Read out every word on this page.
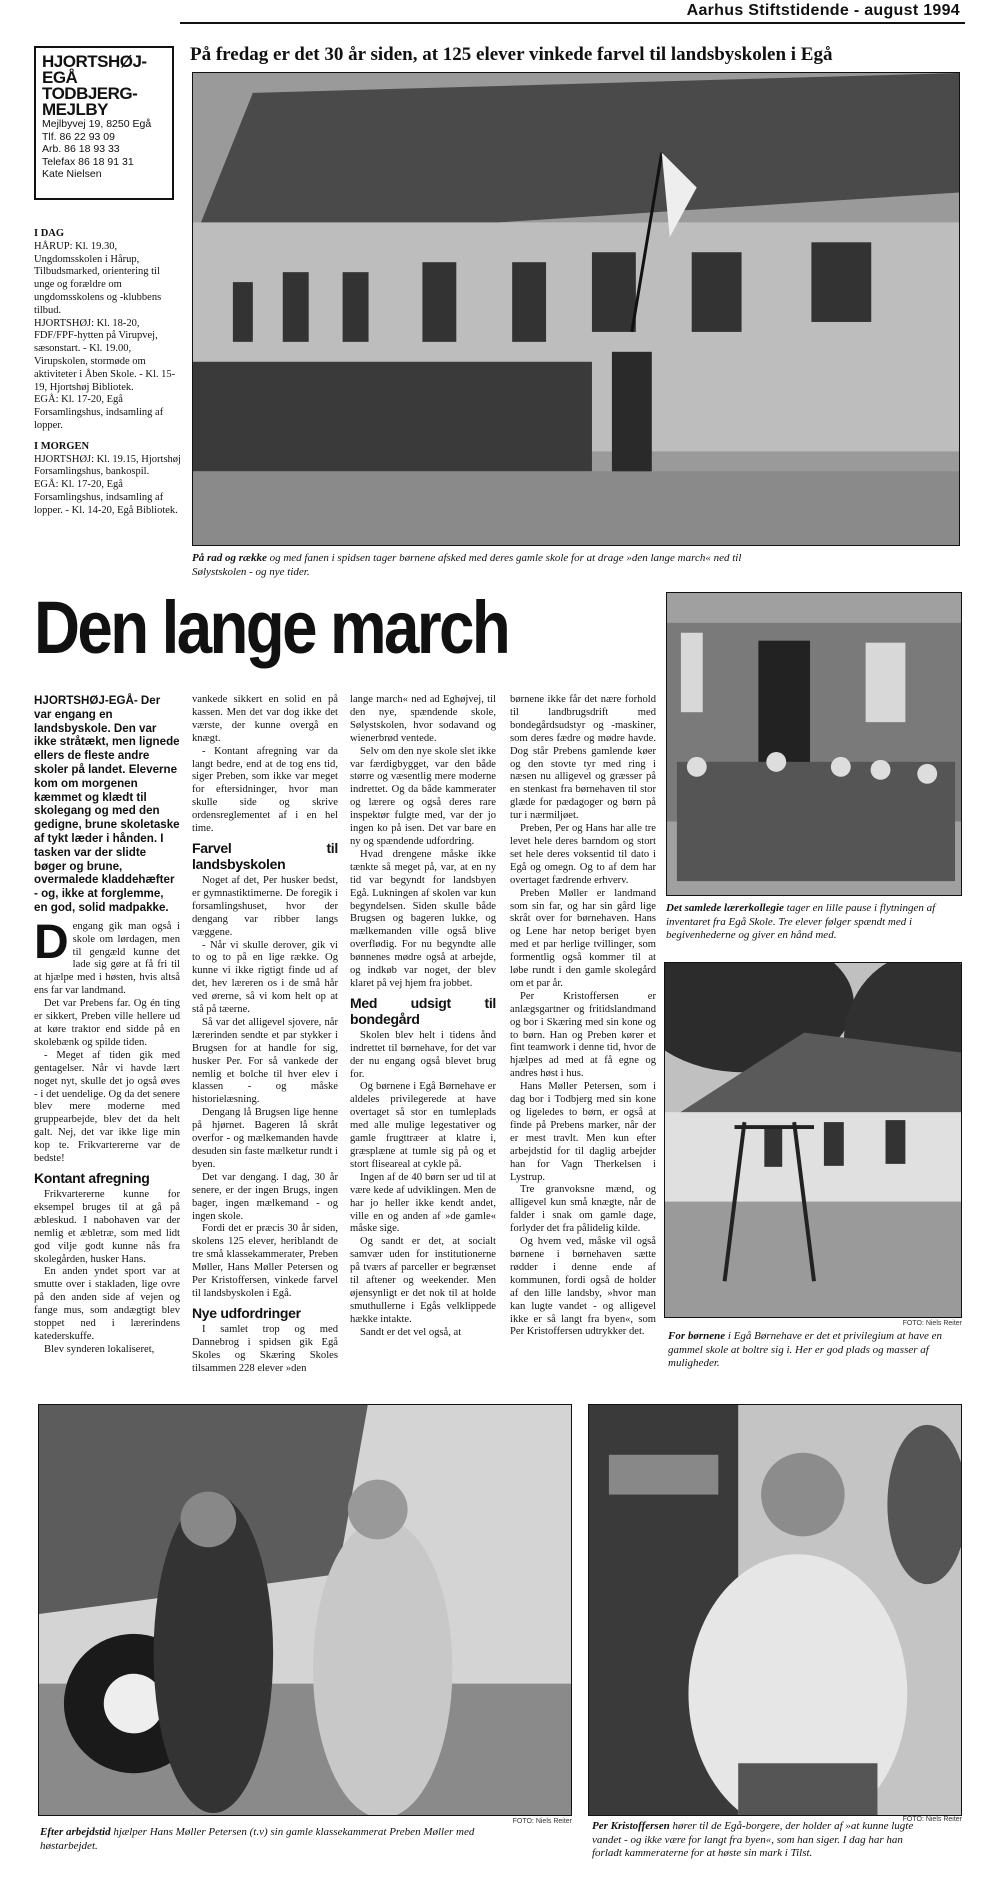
Aarhus Stiftstidende - august 1994
HJORTSHØJ-
EGÅ
TODBJERG-
MEJLBY
Mejlbyvej 19, 8250 Egå
Tlf. 86 22 93 09
Arb. 86 18 93 33
Telefax 86 18 91 31
Kate Nielsen
I DAG
HÅRUP: Kl. 19.30, Ungdomsskolen i Hårup, Tilbudsmarked, orientering til unge og forældre om ungdomsskolens og -klubbens tilbud.
HJORTSHØJ: Kl. 18-20, FDF/FPF-hytten på Virupvej, sæsonstart. - Kl. 19.00, Virupskolen, stormøde om aktiviteter i Åben Skole. - Kl. 15-19, Hjortshøj Bibliotek.
EGÅ: Kl. 17-20, Egå Forsamlingshus, indsamling af lopper.
I MORGEN
HJORTSHØJ: Kl. 19.15, Hjortshøj Forsamlingshus, bankospil.
EGÅ: Kl. 17-20, Egå Forsamlingshus, indsamling af lopper. - Kl. 14-20, Egå Bibliotek.
På fredag er det 30 år siden, at 125 elever vinkede farvel til landsbyskolen i Egå
På rad og række og med fanen i spidsen tager børnene afsked med deres gamle skole for at drage »den lange march« ned til Sølystskolen - og nye tider.
Den lange march
Det samlede lærerkollegie tager en lille pause i flytningen af inventaret fra Egå Skole. Tre elever følger spændt med i begivenhederne og giver en hånd med.
FOTO: Niels Reiter
For børnene i Egå Børnehave er det et privilegium at have en gammel skole at boltre sig i. Her er god plads og masser af muligheder.
HJORTSHØJ-EGÅ- Der var engang en landsbyskole. Den var ikke stråtækt, men lignede ellers de fleste andre skoler på landet. Eleverne kom om morgenen kæmmet og klædt til skolegang og med den gedigne, brune skoletaske af tykt læder i hånden. I tasken var der slidte bøger og brune, overmalede kladdehæfter - og, ikke at forglemme, en god, solid madpakke.
D engang gik man også i skole om lørdagen, men til gengæld kunne det lade sig gøre at få fri til at hjælpe med i høsten, hvis altså ens far var landmand.

Det var Prebens far. Og én ting er sikkert, Preben ville hellere ud at køre traktor end sidde på en skolebænk og spilde tiden.

- Meget af tiden gik med gentagelser. Når vi havde lært noget nyt, skulle det jo også øves - i det uendelige. Og da det senere blev mere moderne med gruppearbejde, blev det da helt galt. Nej, det var ikke lige min kop te. Frikvartererne var de bedste!

Kontant afregning

Frikvartererne kunne for eksempel bruges til at gå på æbleskud. I nabohaven var der nemlig et æbletræ, som med lidt god vilje godt kunne nås fra skolegården, husker Hans.

En anden yndet sport var at smutte over i stakladen, lige ovre på den anden side af vejen og fange mus, som andægtigt blev stoppet ned i lærerindens katederskuffe.

Blev synderen lokaliseret,

vankede sikkert en solid en på kassen. Men det var dog ikke det værste, der kunne overgå en knægt.

- Kontant afregning var da langt bedre, end at de tog ens tid, siger Preben, som ikke var meget for eftersidninger, hvor man skulle side og skrive ordensreglementet af i en hel time.

Farvel til landsbyskolen

Noget af det, Per husker bedst, er gymnastiktimerne. De foregik i forsamlingshuset, hvor der dengang var ribber langs væggene.

- Når vi skulle derover, gik vi to og to på en lige række. Og kunne vi ikke rigtigt finde ud af det, hev læreren os i de små hår ved ørerne, så vi kom helt op at stå på tæerne.

Så var det alligevel sjovere, når lærerinden sendte et par stykker i Brugsen for at handle for sig, husker Per. For så vankede der nemlig et bolche til hver elev i klassen - og måske historielæsning.

Dengang lå Brugsen lige henne på hjørnet. Bageren lå skråt overfor - og mælkemanden havde desuden sin faste mælketur rundt i byen.

Det var dengang. I dag, 30 år senere, er der ingen Brugs, ingen bager, ingen mælkemand - og ingen skole.

Fordi det er præcis 30 år siden, skolens 125 elever, heriblandt de tre små klassekammerater, Preben Møller, Hans Møller Petersen og Per Kristoffersen, vinkede farvel til landsbyskolen i Egå.

Nye udfordringer

I samlet trop og med Dannebrog i spidsen gik Egå Skoles og Skæring Skoles tilsammen 228 elever »den

lange march« ned ad Eghøjvej, til den nye, spændende skole, Sølystskolen, hvor sodavand og wienerbrød ventede.

Selv om den nye skole slet ikke var færdigbygget, var den både større og væsentlig mere moderne indrettet. Og da både kammerater og lærere og også deres rare inspektør fulgte med, var der jo ingen ko på isen. Det var bare en ny og spændende udfordring.

Hvad drengene måske ikke tænkte så meget på, var, at en ny tid var begyndt for landsbyen Egå. Lukningen af skolen var kun begyndelsen. Siden skulle både Brugsen og bageren lukke, og mælkemanden ville også blive overflødig. For nu begyndte alle bønnenes mødre også at arbejde, og indkøb var noget, der blev klaret på vej hjem fra jobbet.

Med udsigt til bondegård

Skolen blev helt i tidens ånd indrettet til børnehave, for det var der nu engang også blevet brug for.

Og børnene i Egå Børnehave er aldeles privilegerede at have overtaget så stor en tumleplads med alle mulige legestativer og gamle frugttræer at klatre i, græsplæne at tumle sig på og et stort fliseareal at cykle på.

Ingen af de 40 børn ser ud til at være kede af udviklingen. Men de har jo heller ikke kendt andet, ville en og anden af »de gamle« måske sige.

Og sandt er det, at socialt samvær uden for institutionerne på tværs af parceller er begrænset til aftener og weekender. Men øjensynligt er det nok til at holde smuthullerne i Egås velklippede hække intakte.

Sandt er det vel også, at

børnene ikke får det nære forhold til landbrugsdrift med bondegårdsudstyr og -maskiner, som deres fædre og mødre havde. Dog står Prebens gamlende køer og den stovte tyr med ring i næsen nu alligevel og græsser på en stenkast fra børnehaven til stor glæde for pædagoger og børn på tur i nærmiljøet.

Preben, Per og Hans har alle tre levet hele deres barndom og stort set hele deres voksentid til dato i Egå og omegn. Og to af dem har overtaget fædrende erhverv.

Preben Møller er landmand som sin far, og har sin gård lige skråt over for børnehaven. Hans og Lene har netop beriget byen med et par herlige tvillinger, som formentlig også kommer til at løbe rundt i den gamle skolegård om et par år.

Per Kristoffersen er anlægsgartner og fritidslandmand og bor i Skæring med sin kone og to børn. Han og Preben kører et fint teamwork i denne tid, hvor de hjælpes ad med at få egne og andres høst i hus.

Hans Møller Petersen, som i dag bor i Todbjerg med sin kone og ligeledes to børn, er også at finde på Prebens marker, når der er mest travlt. Men kun efter arbejdstid for til daglig arbejder han for Vagn Therkelsen i Lystrup.

Tre granvoksne mænd, og alligevel kun små knægte, når de falder i snak om gamle dage, forlyder det fra pålidelig kilde.

Og hvem ved, måske vil også børnene i børnehaven sætte rødder i denne ende af kommunen, fordi også de holder af den lille landsby, »hvor man kan lugte vandet - og alligevel ikke er så langt fra byen«, som Per Kristoffersen udtrykker det.

FOTO: Niels Reiter
Efter arbejdstid hjælper Hans Møller Petersen (t.v) sin gamle klassekammerat Preben Møller med høstarbejdet.
FOTO: Niels Reiter
Per Kristoffersen hører til de Egå-borgere, der holder af »at kunne lugte vandet - og ikke være for langt fra byen«, som han siger. I dag har han forladt kammeraterne for at høste sin mark i Tilst.
